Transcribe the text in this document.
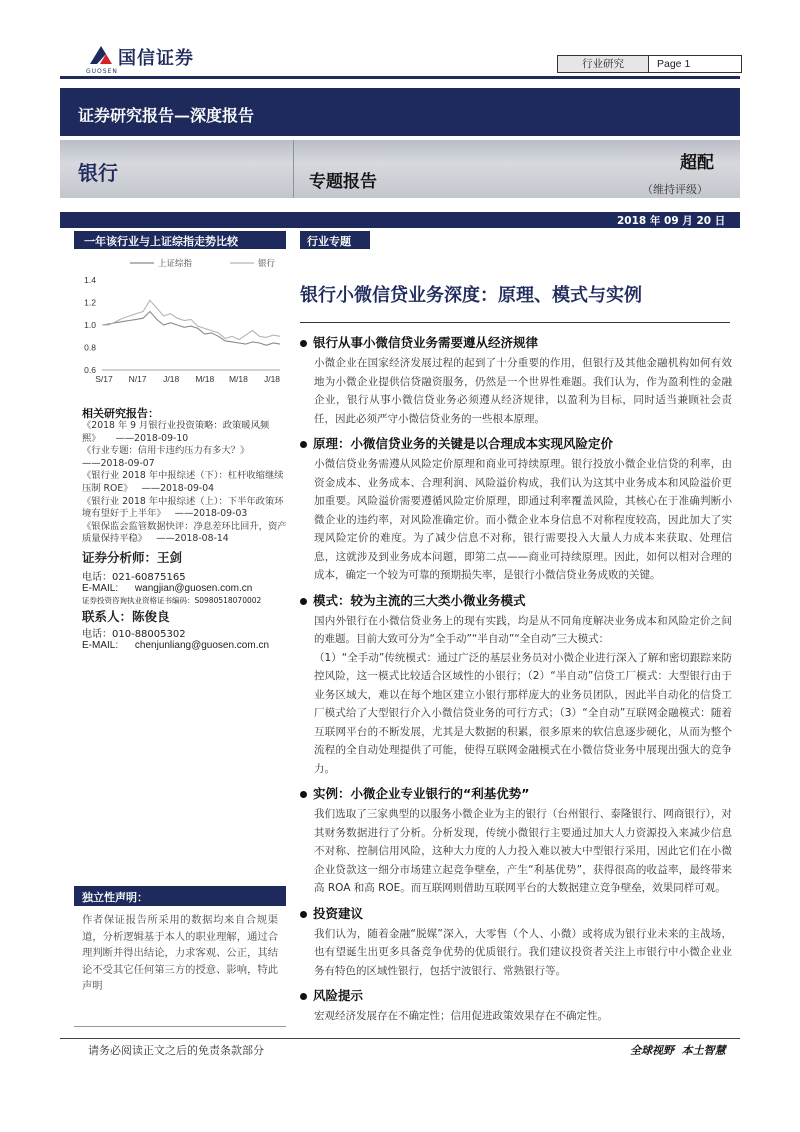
国信证券
GUOSEN
行业研究	Page 1
证券研究报告—深度报告
银行	专题报告
超配
（维持评级）
2018 年 09 月 20 日
一年该行业与上证综指走势比较
1.4
1.2
1.0
0.8
0.6
S/17 N/17 J/18 M/18 M/18 J/18
上证综指	银行
相关研究报告：
《2018 年 9 月银行业投资策略：政策暖风频熙》 ——2018-09-10
《行业专题：信用卡违约压力有多大？》
——2018-09-07
《银行业 2018 年中报综述（下）：杠杆收缩继续压制 ROE》 ——2018-09-04
《银行业 2018 年中报综述（上）：下半年政策环境有望好于上半年》 ——2018-09-03
《银保监会监管数据快评：净息差环比回升，资产质量保持平稳》 ——2018-08-14
证券分析师：王剑
电话：021-60875165
E-MAIL: wangjian@guosen.com.cn
证券投资咨询执业资格证书编码：S0980518070002
联系人：陈俊良
电话：010-88005302
E-MAIL: chenjunliang@guosen.com.cn
独立性声明：
作者保证报告所采用的数据均来自合规渠道，分析逻辑基于本人的职业理解，通过合理判断并得出结论，力求客观、公正，其结论不受其它任何第三方的授意、影响，特此声明
行业专题
银行小微信贷业务深度：原理、模式与实例
银行从事小微信贷业务需要遵从经济规律
小微企业在国家经济发展过程的起到了十分重要的作用，但银行及其他金融机构如何有效地为小微企业提供信贷融资服务，仍然是一个世界性难题。我们认为，作为盈利性的金融企业，银行从事小微信贷业务必须遵从经济规律，以盈利为目标，同时适当兼顾社会责任，因此必须严守小微信贷业务的一些根本原理。
原理：小微信贷业务的关键是以合理成本实现风险定价
小微信贷业务需遵从风险定价原理和商业可持续原理。银行投放小微企业信贷的利率，由资金成本、业务成本、合理利润、风险溢价构成，我们认为这其中业务成本和风险溢价更加重要。风险溢价需要遵循风险定价原理，即通过利率覆盖风险，其核心在于准确判断小微企业的违约率，对风险准确定价。而小微企业本身信息不对称程度较高，因此加大了实现风险定价的难度。为了减少信息不对称，银行需要投入大量人力成本来获取、处理信息，这就涉及到业务成本问题，即第二点——商业可持续原理。因此，如何以相对合理的成本，确定一个较为可靠的预期损失率，是银行小微信贷业务成败的关键。
模式：较为主流的三大类小微业务模式
国内外银行在小微信贷业务上的现有实践，均是从不同角度解决业务成本和风险定价之间的难题。目前大致可分为“全手动”“半自动”“全自动”三大模式：
（1）“全手动”传统模式：通过广泛的基层业务员对小微企业进行深入了解和密切跟踪来防控风险，这一模式比较适合区域性的小银行；（2）“半自动”信贷工厂模式：大型银行由于业务区域大，难以在每个地区建立小银行那样庞大的业务员团队，因此半自动化的信贷工厂模式给了大型银行介入小微信贷业务的可行方式；（3）“全自动”互联网金融模式：随着互联网平台的不断发展，尤其是大数据的积累，很多原来的软信息逐步硬化，从而为整个流程的全自动处理提供了可能，使得互联网金融模式在小微信贷业务中展现出强大的竞争力。
实例：小微企业专业银行的“利基优势”
我们选取了三家典型的以服务小微企业为主的银行（台州银行、泰隆银行、网商银行），对其财务数据进行了分析。分析发现，传统小微银行主要通过加大人力资源投入来减少信息不对称、控制信用风险，这种大力度的人力投入难以被大中型银行采用，因此它们在小微企业贷款这一细分市场建立起竞争壁垒，产生“利基优势”，获得很高的收益率，最终带来高 ROA 和高 ROE。而互联网则借助互联网平台的大数据建立竞争壁垒，效果同样可观。
投资建议
我们认为，随着金融“脱媒”深入，大零售（个人、小微）或将成为银行业未来的主战场，也有望诞生出更多具备竞争优势的优质银行。我们建议投资者关注上市银行中小微企业业务有特色的区域性银行，包括宁波银行、常熟银行等。
风险提示
宏观经济发展存在不确定性；信用促进政策效果存在不确定性。
请务必阅读正文之后的免责条款部分	全球视野  本土智慧
